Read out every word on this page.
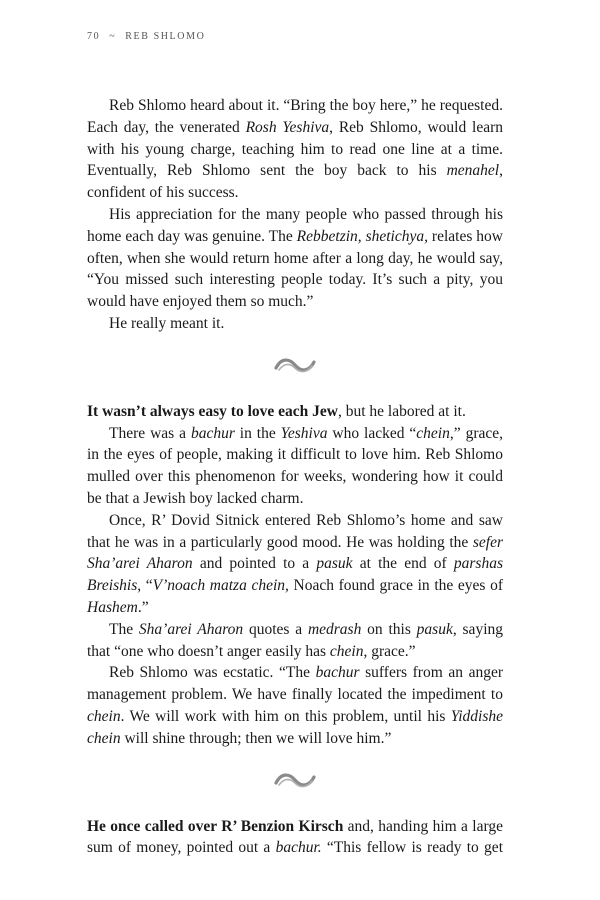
70 ~ REB SHLOMO

Reb Shlomo heard about it. “Bring the boy here,” he requested. Each day, the venerated Rosh Yeshiva, Reb Shlomo, would learn with his young charge, teaching him to read one line at a time. Eventually, Reb Shlomo sent the boy back to his menahel, confident of his success.

His appreciation for the many people who passed through his home each day was genuine. The Rebbetzin, shetichya, relates how often, when she would return home after a long day, he would say, “You missed such interesting people today. It’s such a pity, you would have enjoyed them so much.”

He really meant it.

It wasn’t always easy to love each Jew, but he labored at it.

There was a bachur in the Yeshiva who lacked “chein,” grace, in the eyes of people, making it difficult to love him. Reb Shlomo mulled over this phenomenon for weeks, wondering how it could be that a Jewish boy lacked charm.

Once, R’ Dovid Sitnick entered Reb Shlomo’s home and saw that he was in a particularly good mood. He was holding the sefer Sha’arei Aharon and pointed to a pasuk at the end of parshas Breishis, “V’noach matza chein, Noach found grace in the eyes of Hashem.”

The Sha’arei Aharon quotes a medrash on this pasuk, saying that “one who doesn’t anger easily has chein, grace.”

Reb Shlomo was ecstatic. “The bachur suffers from an anger management problem. We have finally located the impediment to chein. We will work with him on this problem, until his Yiddishe chein will shine through; then we will love him.”

He once called over R’ Benzion Kirsch and, handing him a large sum of money, pointed out a bachur. “This fellow is ready to get
